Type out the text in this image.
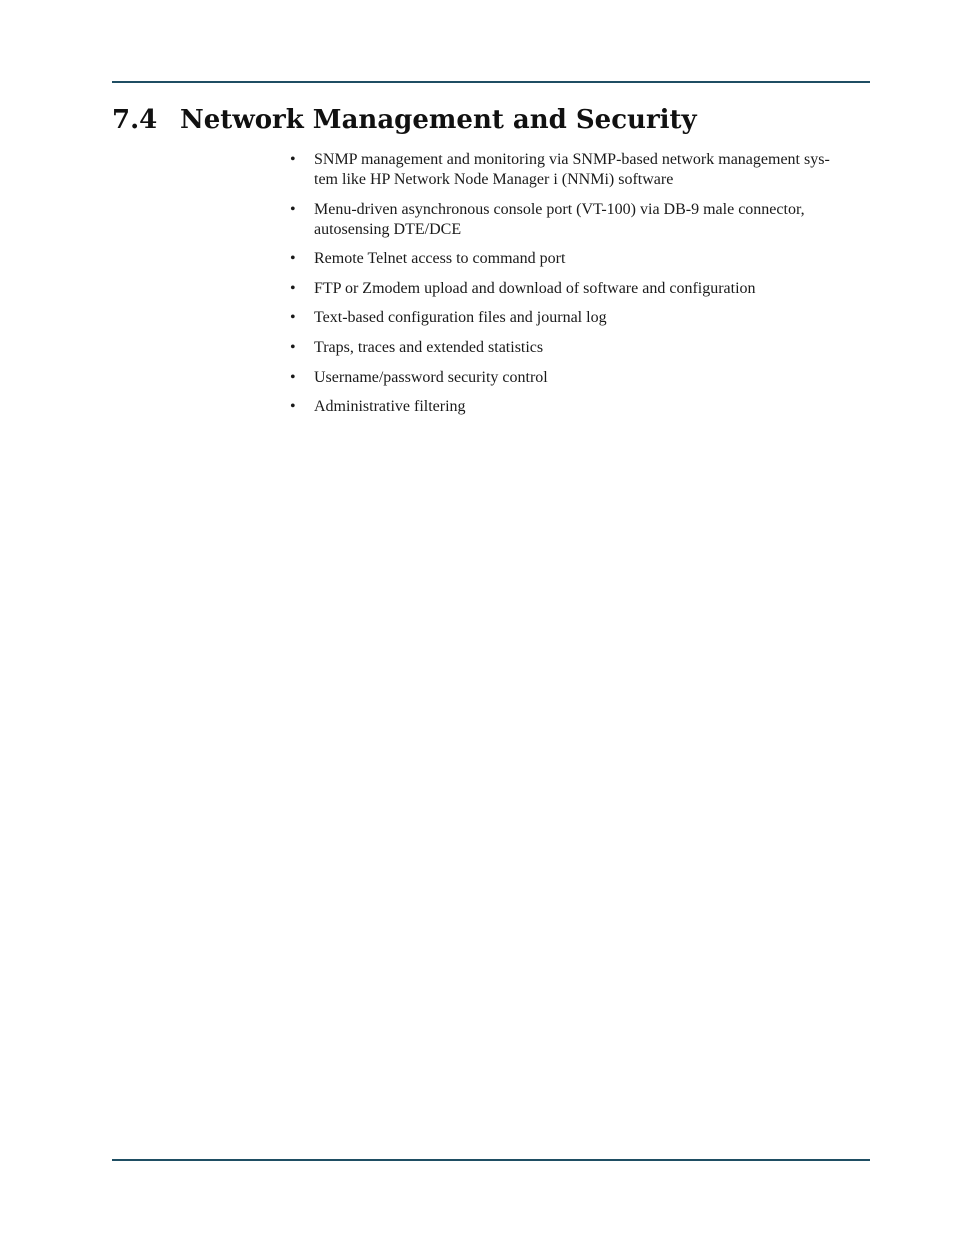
7.4 Network Management and Security
• SNMP management and monitoring via SNMP-based network management sys-
tem like HP Network Node Manager i (NNMi) software
• Menu-driven asynchronous console port (VT-100) via DB-9 male connector, autosensing DTE/DCE
• Remote Telnet access to command port
• FTP or Zmodem upload and download of software and configuration
• Text-based configuration files and journal log
• Traps, traces and extended statistics
• Username/password security control
• Administrative filtering
